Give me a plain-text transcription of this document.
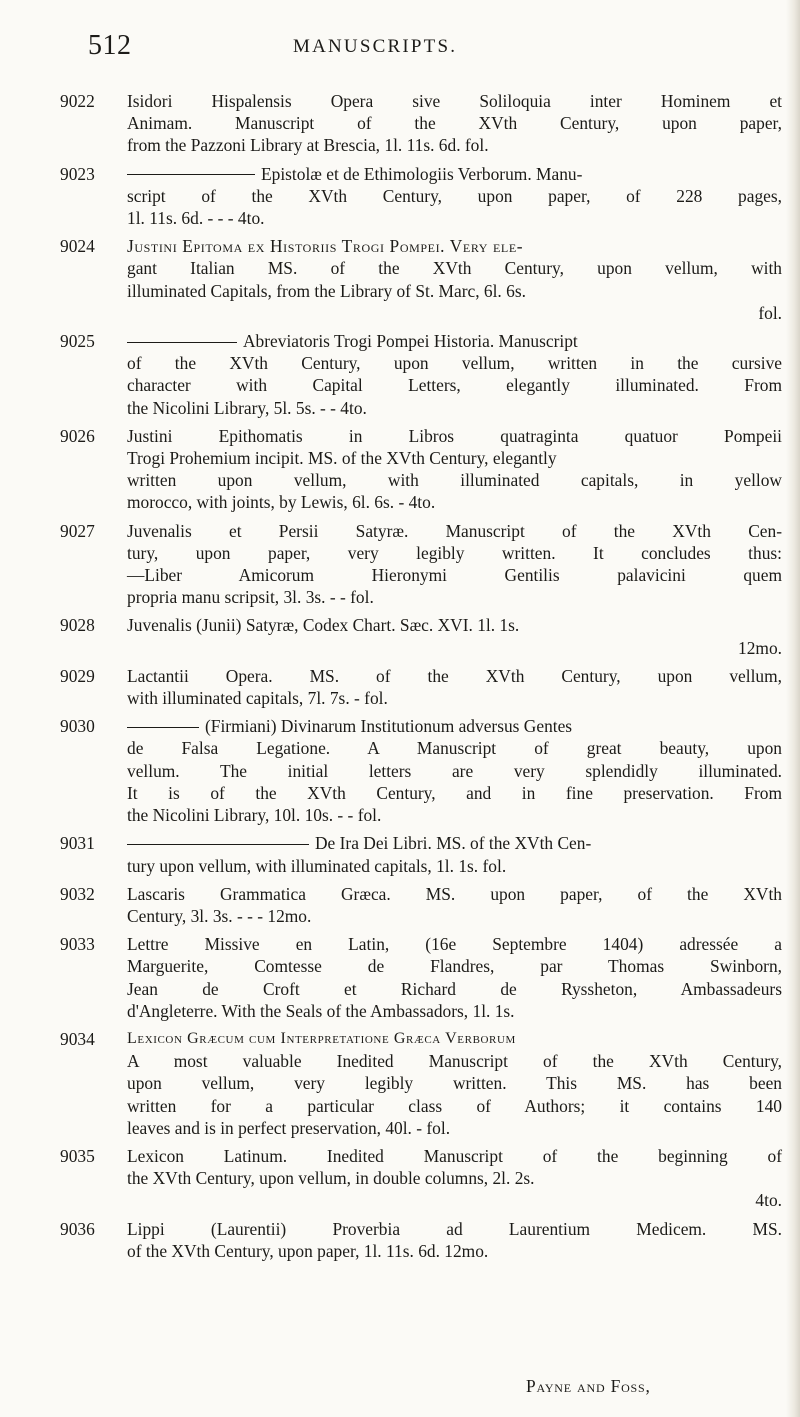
512	MANUSCRIPTS.
9022 Isidori Hispalensis Opera sive Soliloquia inter Hominem et
Animam. Manuscript of the XVth Century, upon paper,
from the Pazzoni Library at Brescia, 1l. 11s. 6d. fol.
9023	Epistolæ et de Ethimologiis Verborum. Manu-
script of the XVth Century, upon paper, of 228 pages,
1l. 11s. 6d. - - - 4to.
9024 Justini Epitoma ex Historiis Trogi Pompei. Very ele-
gant Italian MS. of the XVth Century, upon vellum, with
illuminated Capitals, from the Library of St. Marc, 6l. 6s.
fol.
9025	Abreviatoris Trogi Pompei Historia. Manuscript
of the XVth Century, upon vellum, written in the cursive
character with Capital Letters, elegantly illuminated. From
the Nicolini Library, 5l. 5s. - - 4to.
9026 Justini Epithomatis in Libros quatraginta quatuor Pompeii
Trogi Prohemium incipit. MS. of the XVth Century, elegantly
written upon vellum, with illuminated capitals, in yellow
morocco, with joints, by Lewis, 6l. 6s. - 4to.
9027 Juvenalis et Persii Satyræ. Manuscript of the XVth Cen-
tury, upon paper, very legibly written. It concludes thus:
—Liber Amicorum Hieronymi Gentilis palavicini quem
propria manu scripsit, 3l. 3s. - - fol.
9028 Juvenalis (Junii) Satyræ, Codex Chart. Sæc. XVI. 1l. 1s.
12mo.
9029 Lactantii Opera. MS. of the XVth Century, upon vellum,
with illuminated capitals, 7l. 7s. - fol.
9030	(Firmiani) Divinarum Institutionum adversus Gentes
de Falsa Legatione. A Manuscript of great beauty, upon
vellum. The initial letters are very splendidly illuminated.
It is of the XVth Century, and in fine preservation. From
the Nicolini Library, 10l. 10s. - - fol.
9031	De Ira Dei Libri. MS. of the XVth Cen-
tury upon vellum, with illuminated capitals, 1l. 1s. fol.
9032 Lascaris Grammatica Græca. MS. upon paper, of the XVth
Century, 3l. 3s. - - - 12mo.
9033 Lettre Missive en Latin, (16e Septembre 1404) adressée a
Marguerite, Comtesse de Flandres, par Thomas Swinborn,
Jean de Croft et Richard de Ryssheton, Ambassadeurs
d'Angleterre. With the Seals of the Ambassadors, 1l. 1s.
9034 Lexicon Græcum cum Interpretatione Græca Verborum
A most valuable Inedited Manuscript of the XVth Century,
upon vellum, very legibly written. This MS. has been
written for a particular class of Authors; it contains 140
leaves and is in perfect preservation, 40l. - fol.
9035 Lexicon Latinum. Inedited Manuscript of the beginning of
the XVth Century, upon vellum, in double columns, 2l. 2s.
4to.
9036 Lippi (Laurentii) Proverbia ad Laurentium Medicem. MS.
of the XVth Century, upon paper, 1l. 11s. 6d. 12mo.
Payne and Foss,
